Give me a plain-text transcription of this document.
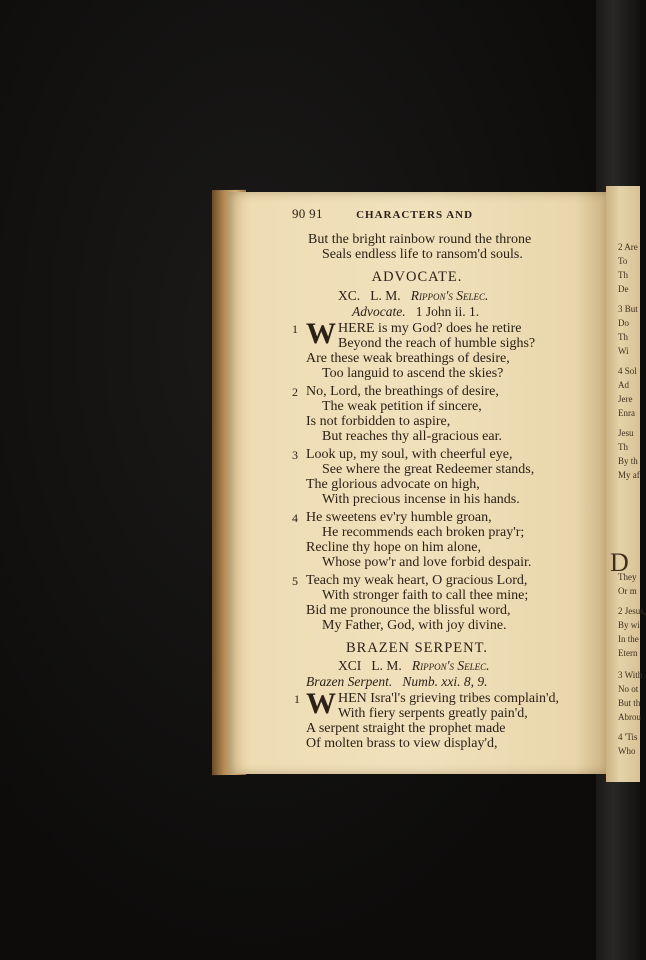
2 Are
To
Th
De
3 But
Do
Th
Wi
4 Sol
Ad
Jere
Enra
Jesu
Th
By th
My af
D
They
Or m
2 Jesus,
By wi
In the
Etern
3 With
No ot
But th
Abrou
4 'Tis
Who
90 91	CHARACTERS AND
But the bright rainbow round the throne
Seals endless life to ransom'd souls.
ADVOCATE.
XC. L. M. Rippon's Selec.
Advocate. 1 John ii. 1.
1 W HERE is my God? does he retire
Beyond the reach of humble sighs?
Are these weak breathings of desire,
Too languid to ascend the skies?
2 No, Lord, the breathings of desire,
The weak petition if sincere,
Is not forbidden to aspire,
But reaches thy all-gracious ear.
3 Look up, my soul, with cheerful eye,
See where the great Redeemer stands,
The glorious advocate on high,
With precious incense in his hands.
4 He sweetens ev'ry humble groan,
He recommends each broken pray'r;
Recline thy hope on him alone,
Whose pow'r and love forbid despair.
5 Teach my weak heart, O gracious Lord,
With stronger faith to call thee mine;
Bid me pronounce the blissful word,
My Father, God, with joy divine.
BRAZEN SERPENT.
XCI L. M. Rippon's Selec.
Brazen Serpent. Numb. xxi. 8, 9.
1 W HEN Isra'l's grieving tribes complain'd,
With fiery serpents greatly pain'd,
A serpent straight the prophet made
Of molten brass to view display'd,
